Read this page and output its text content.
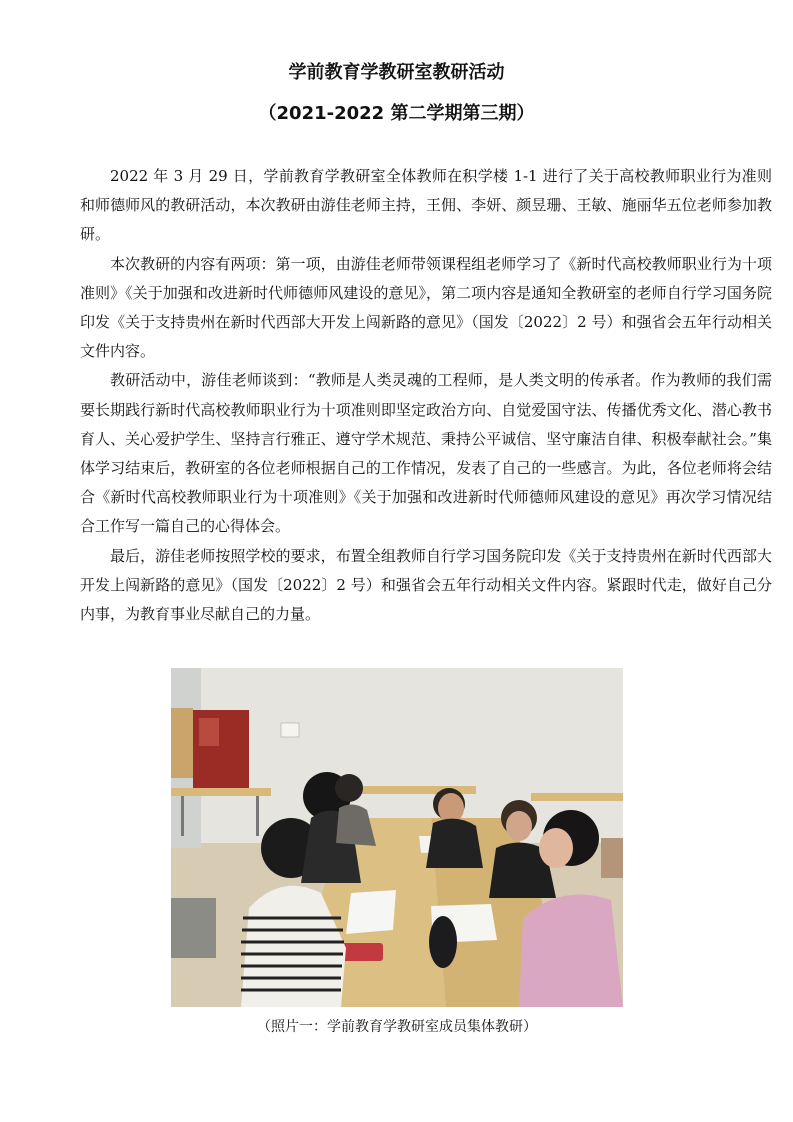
学前教育学教研室教研活动
（2021-2022 第二学期第三期）

2022 年 3 月 29 日，学前教育学教研室全体教师在积学楼 1-1 进行了关于高校教师职业行为准则和师德师风的教研活动，本次教研由游佳老师主持，王佣、李妍、颜昱珊、王敏、施丽华五位老师参加教研。

本次教研的内容有两项：第一项，由游佳老师带领课程组老师学习了《新时代高校教师职业行为十项准则》《关于加强和改进新时代师德师风建设的意见》，第二项内容是通知全教研室的老师自行学习国务院印发《关于支持贵州在新时代西部大开发上闯新路的意见》（国发〔2022〕2 号）和强省会五年行动相关文件内容。

教研活动中，游佳老师谈到：“教师是人类灵魂的工程师，是人类文明的传承者。作为教师的我们需要长期践行新时代高校教师职业行为十项准则即坚定政治方向、自觉爱国守法、传播优秀文化、潜心教书育人、关心爱护学生、坚持言行雅正、遵守学术规范、秉持公平诚信、坚守廉洁自律、积极奉献社会。”集体学习结束后，教研室的各位老师根据自己的工作情况，发表了自己的一些感言。为此，各位老师将会结合《新时代高校教师职业行为十项准则》《关于加强和改进新时代师德师风建设的意见》再次学习情况结合工作写一篇自己的心得体会。

最后，游佳老师按照学校的要求，布置全组教师自行学习国务院印发《关于支持贵州在新时代西部大开发上闯新路的意见》（国发〔2022〕2 号）和强省会五年行动相关文件内容。紧跟时代走，做好自己分内事，为教育事业尽献自己的力量。

（照片一：学前教育学教研室成员集体教研）
